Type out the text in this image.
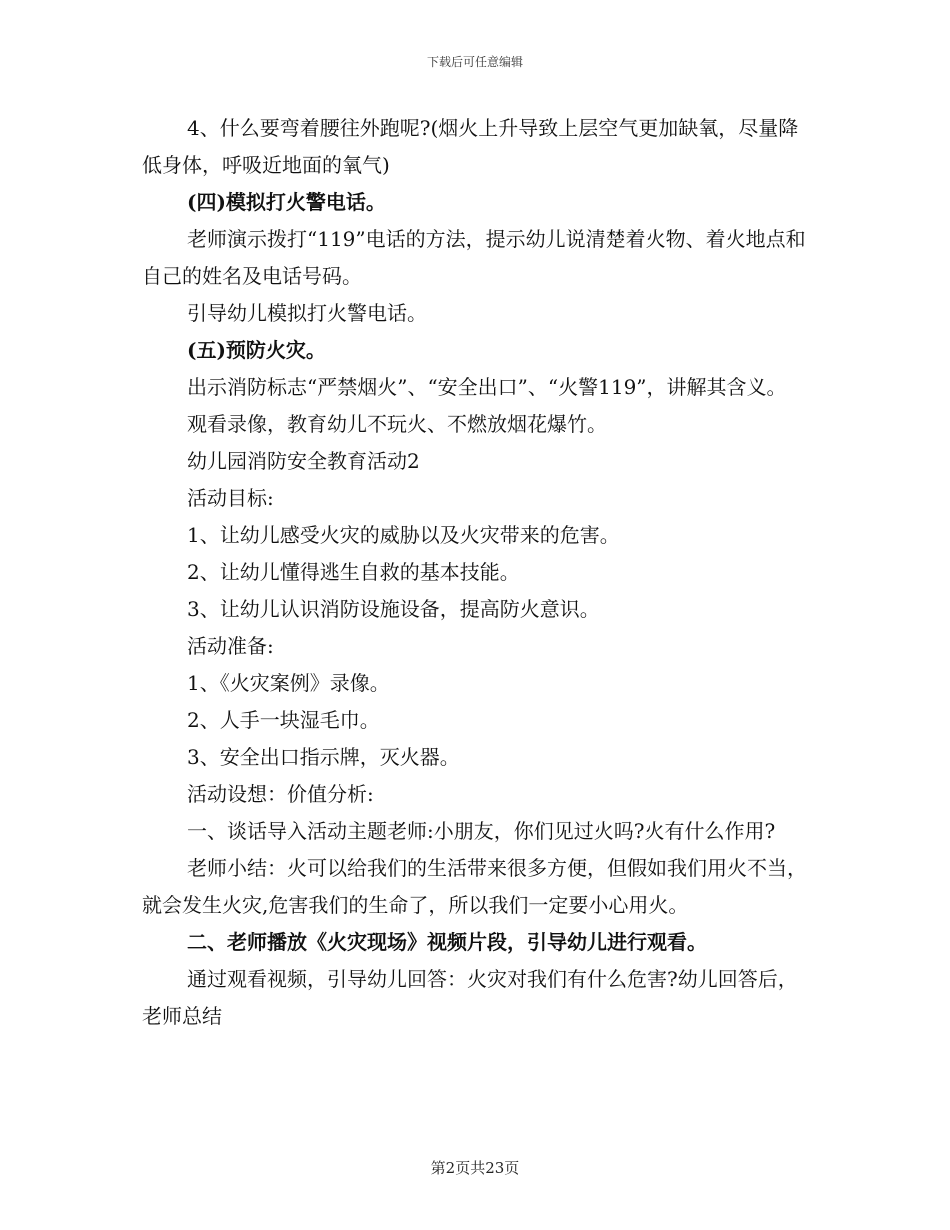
下载后可任意编辑

4、什么要弯着腰往外跑呢?(烟火上升导致上层空气更加缺氧，尽量降低身体，呼吸近地面的氧气)

(四)模拟打火警电话。

老师演示拨打“119”电话的方法，提示幼儿说清楚着火物、着火地点和自己的姓名及电话号码。

引导幼儿模拟打火警电话。

(五)预防火灾。

出示消防标志“严禁烟火”、“安全出口”、“火警119”，讲解其含义。

观看录像，教育幼儿不玩火、不燃放烟花爆竹。

幼儿园消防安全教育活动2

活动目标:

1、让幼儿感受火灾的威胁以及火灾带来的危害。

2、让幼儿懂得逃生自救的基本技能。

3、让幼儿认识消防设施设备，提高防火意识。

活动准备:

1、《火灾案例》录像。

2、人手一块湿毛巾。

3、安全出口指示牌，灭火器。

活动设想：价值分析:

一、谈话导入活动主题老师:小朋友，你们见过火吗?火有什么作用?

老师小结：火可以给我们的生活带来很多方便，但假如我们用火不当，就会发生火灾,危害我们的生命了，所以我们一定要小心用火。

二、老师播放《火灾现场》视频片段，引导幼儿进行观看。

通过观看视频，引导幼儿回答：火灾对我们有什么危害?幼儿回答后，老师总结

第2页共23页
